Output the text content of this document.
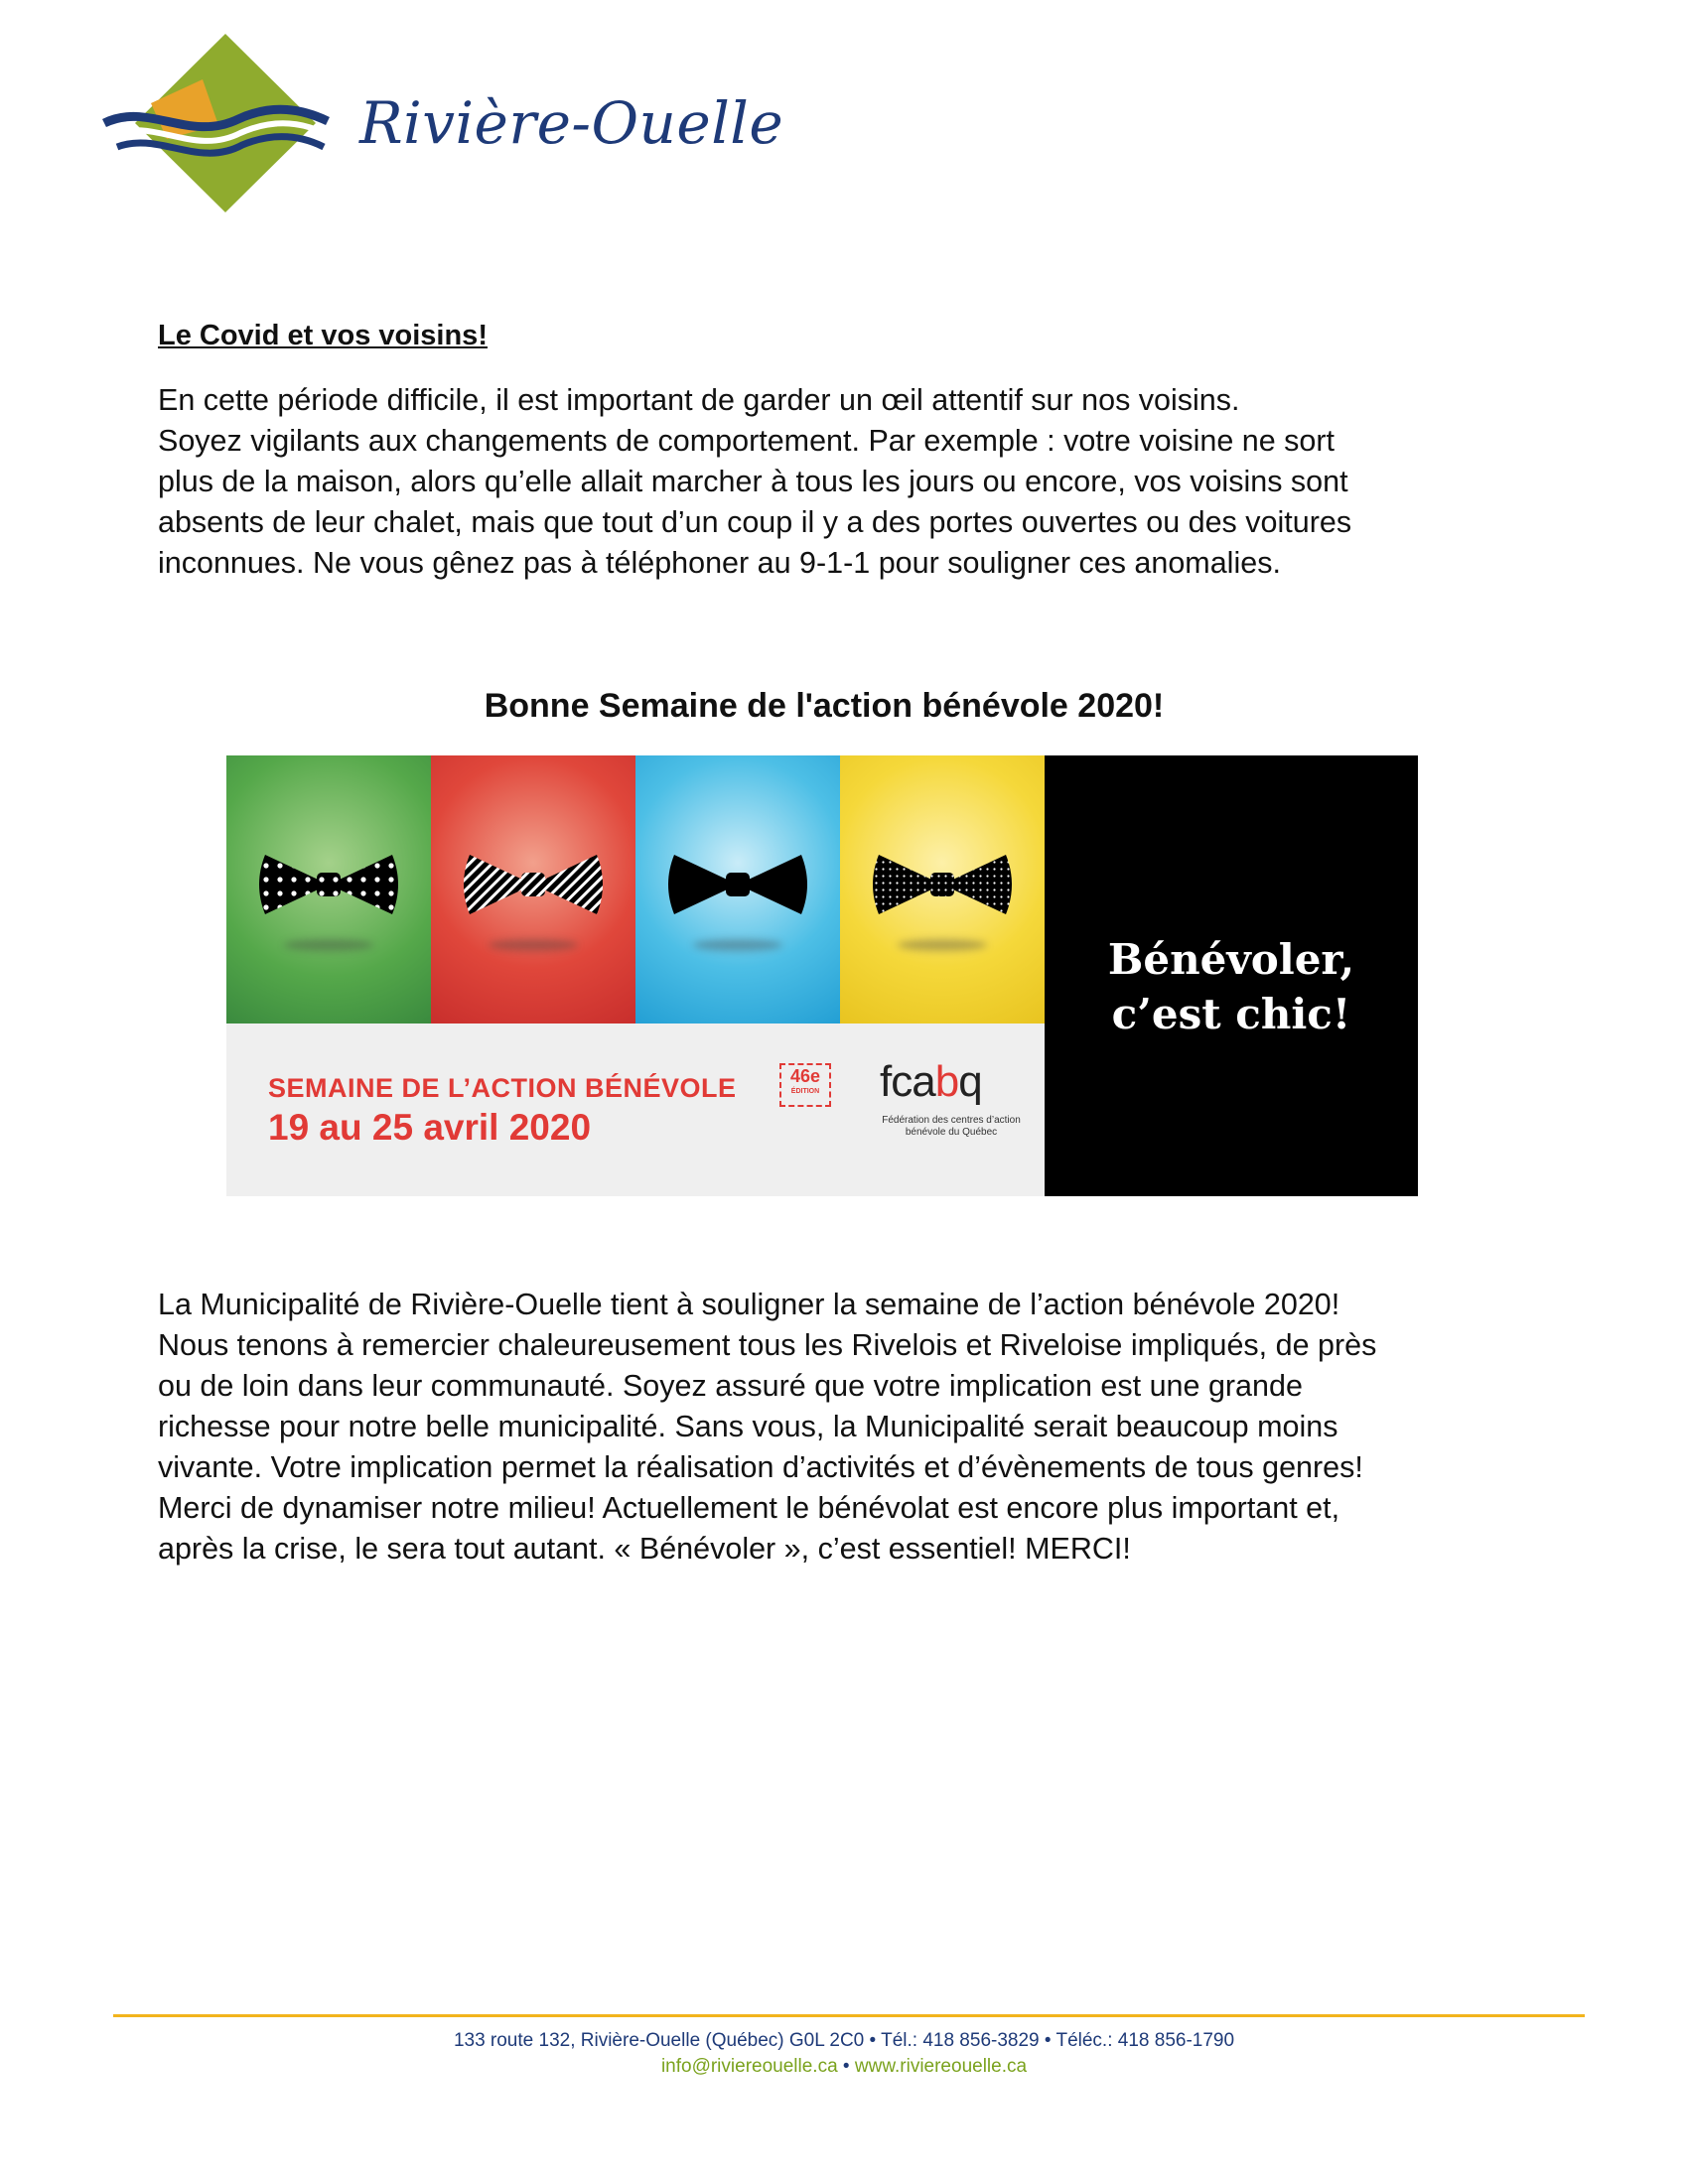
Rivière-Ouelle
Le Covid et vos voisins!
En cette période difficile, il est important de garder un œil attentif sur nos voisins.
Soyez vigilants aux changements de comportement. Par exemple : votre voisine ne sort
plus de la maison, alors qu’elle allait marcher à tous les jours ou encore, vos voisins sont
absents de leur chalet, mais que tout d’un coup il y a des portes ouvertes ou des voitures
inconnues. Ne vous gênez pas à téléphoner au 9-1-1 pour souligner ces anomalies.
Bonne Semaine de l'action bénévole 2020!
SEMAINE DE L’ACTION BÉNÉVOLE	46e
ÉDITION
19 au 25 avril 2020
fcabq
Fédération des centres d’action bénévole du Québec
Bénévoler,
c’est chic!
La Municipalité de Rivière-Ouelle tient à souligner la semaine de l’action bénévole 2020!
Nous tenons à remercier chaleureusement tous les Rivelois et Riveloise impliqués, de près
ou de loin dans leur communauté. Soyez assuré que votre implication est une grande
richesse pour notre belle municipalité. Sans vous, la Municipalité serait beaucoup moins
vivante. Votre implication permet la réalisation d’activités et d’évènements de tous genres!
Merci de dynamiser notre milieu! Actuellement le bénévolat est encore plus important et,
après la crise, le sera tout autant. « Bénévoler », c’est essentiel! MERCI!
133 route 132, Rivière-Ouelle (Québec) G0L 2C0 • Tél.: 418 856-3829 • Téléc.: 418 856-1790
info@riviereouelle.ca • www.riviereouelle.ca
